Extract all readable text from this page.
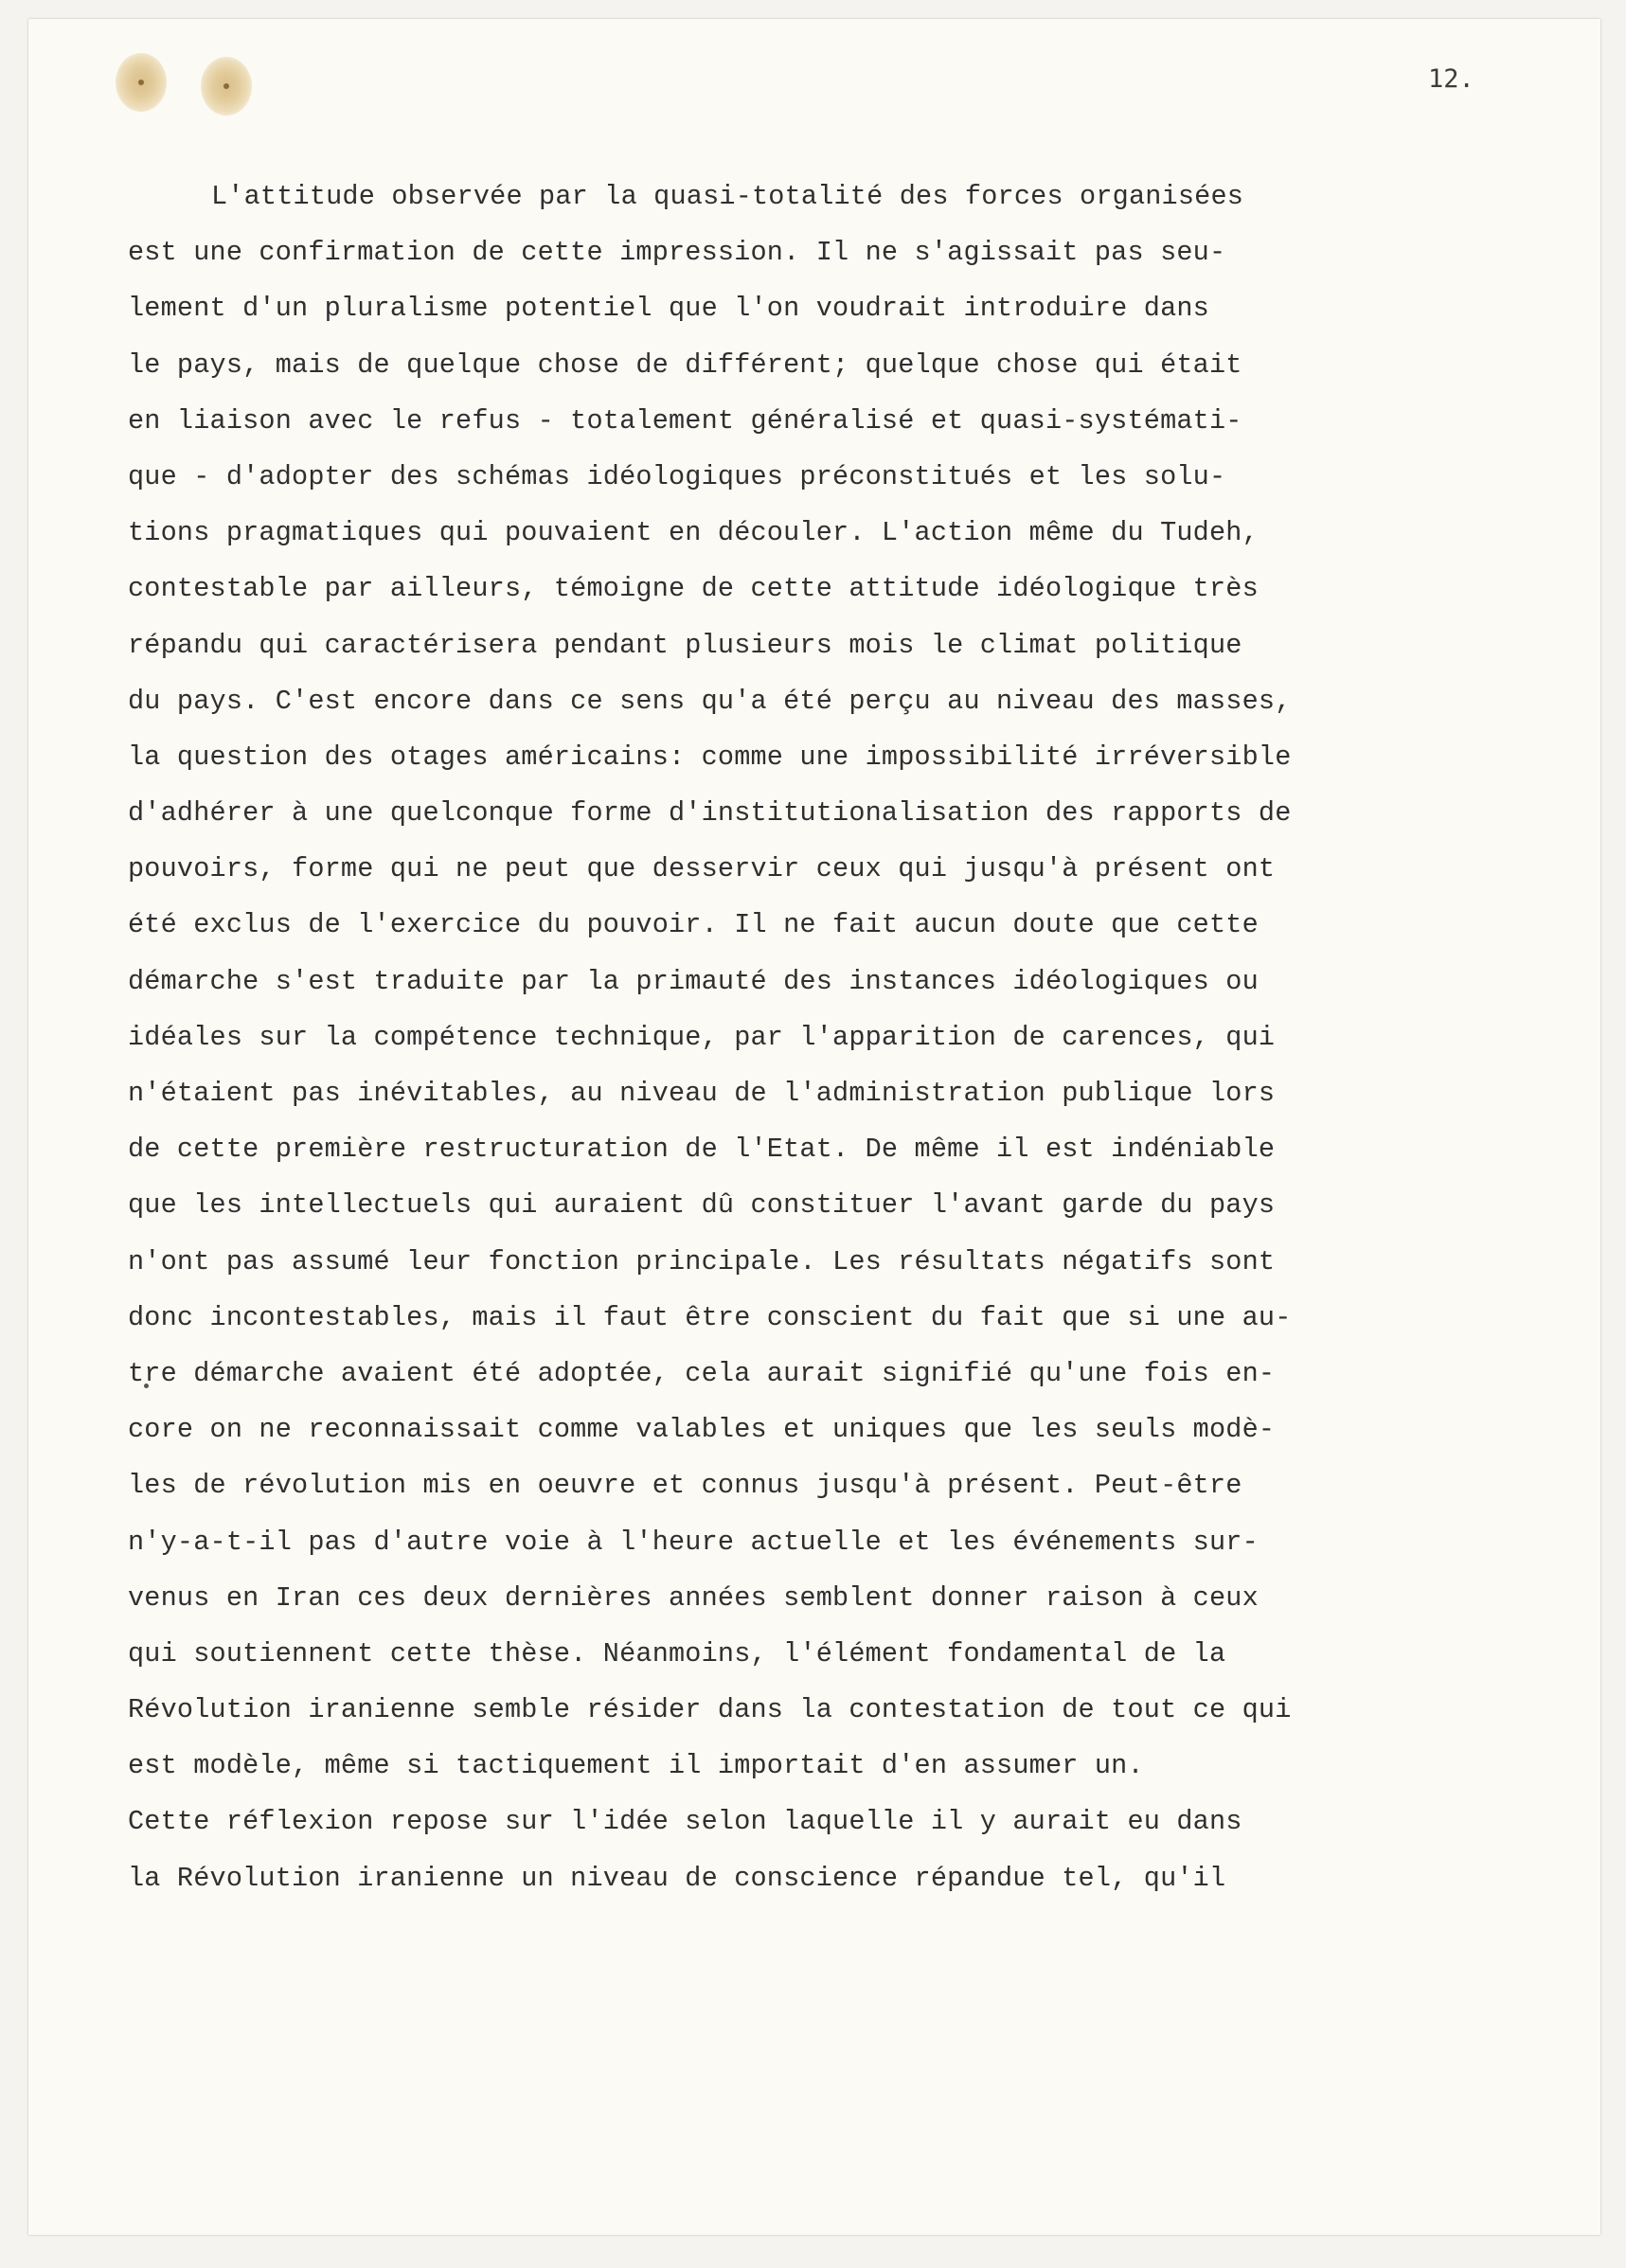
12.
L'attitude observée par la quasi-totalité des forces organisées
est une confirmation de cette impression. Il ne s'agissait pas seu-
lement d'un pluralisme potentiel que l'on voudrait introduire dans
le pays, mais de quelque chose de différent; quelque chose qui était
en liaison avec le refus - totalement généralisé et quasi-systémati-
que - d'adopter des schémas idéologiques préconstitués et les solu-
tions pragmatiques qui pouvaient en découler. L'action même du Tudeh,
contestable par ailleurs, témoigne de cette attitude idéologique très
répandu qui caractérisera pendant plusieurs mois le climat politique
du pays. C'est encore dans ce sens qu'a été perçu au niveau des masses,
la question des otages américains: comme une impossibilité irréversible
d'adhérer à une quelconque forme d'institutionalisation des rapports de
pouvoirs, forme qui ne peut que desservir ceux qui jusqu'à présent ont
été exclus de l'exercice du pouvoir. Il ne fait aucun doute que cette
démarche s'est traduite par la primauté des instances idéologiques ou
idéales sur la compétence technique, par l'apparition de carences, qui
n'étaient pas inévitables, au niveau de l'administration publique lors
de cette première restructuration de l'Etat. De même il est indéniable
que les intellectuels qui auraient dû constituer l'avant garde du pays
n'ont pas assumé leur fonction principale. Les résultats négatifs sont
donc incontestables, mais il faut être conscient du fait que si une au-
tre démarche avaient été adoptée, cela aurait signifié qu'une fois en-
core on ne reconnaissait comme valables et uniques que les seuls modè-
les de révolution mis en oeuvre et connus jusqu'à présent. Peut-être
n'y-a-t-il pas d'autre voie à l'heure actuelle et les événements sur-
venus en Iran ces deux dernières années semblent donner raison à ceux
qui soutiennent cette thèse. Néanmoins, l'élément fondamental de la
Révolution iranienne semble résider dans la contestation de tout ce qui
est modèle, même si tactiquement il importait d'en assumer un.
Cette réflexion repose sur l'idée selon laquelle il y aurait eu dans
la Révolution iranienne un niveau de conscience répandue tel, qu'il
